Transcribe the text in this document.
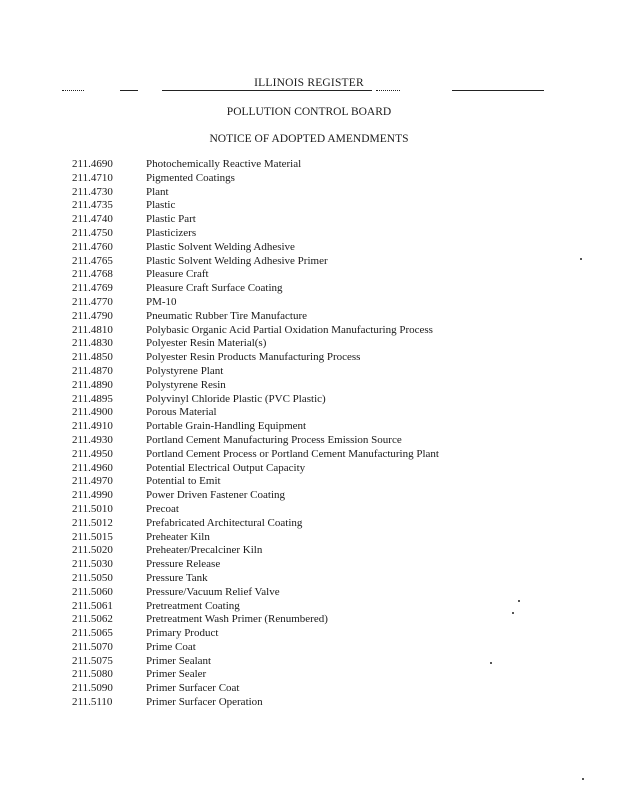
ILLINOIS REGISTER
POLLUTION CONTROL BOARD
NOTICE OF ADOPTED AMENDMENTS
211.4690	Photochemically Reactive Material
211.4710	Pigmented Coatings
211.4730	Plant
211.4735	Plastic
211.4740	Plastic Part
211.4750	Plasticizers
211.4760	Plastic Solvent Welding Adhesive
211.4765	Plastic Solvent Welding Adhesive Primer
211.4768	Pleasure Craft
211.4769	Pleasure Craft Surface Coating
211.4770	PM-10
211.4790	Pneumatic Rubber Tire Manufacture
211.4810	Polybasic Organic Acid Partial Oxidation Manufacturing Process
211.4830	Polyester Resin Material(s)
211.4850	Polyester Resin Products Manufacturing Process
211.4870	Polystyrene Plant
211.4890	Polystyrene Resin
211.4895	Polyvinyl Chloride Plastic (PVC Plastic)
211.4900	Porous Material
211.4910	Portable Grain-Handling Equipment
211.4930	Portland Cement Manufacturing Process Emission Source
211.4950	Portland Cement Process or Portland Cement Manufacturing Plant
211.4960	Potential Electrical Output Capacity
211.4970	Potential to Emit
211.4990	Power Driven Fastener Coating
211.5010	Precoat
211.5012	Prefabricated Architectural Coating
211.5015	Preheater Kiln
211.5020	Preheater/Precalciner Kiln
211.5030	Pressure Release
211.5050	Pressure Tank
211.5060	Pressure/Vacuum Relief Valve
211.5061	Pretreatment Coating
211.5062	Pretreatment Wash Primer (Renumbered)
211.5065	Primary Product
211.5070	Prime Coat
211.5075	Primer Sealant
211.5080	Primer Sealer
211.5090	Primer Surfacer Coat
211.5110	Primer Surfacer Operation
